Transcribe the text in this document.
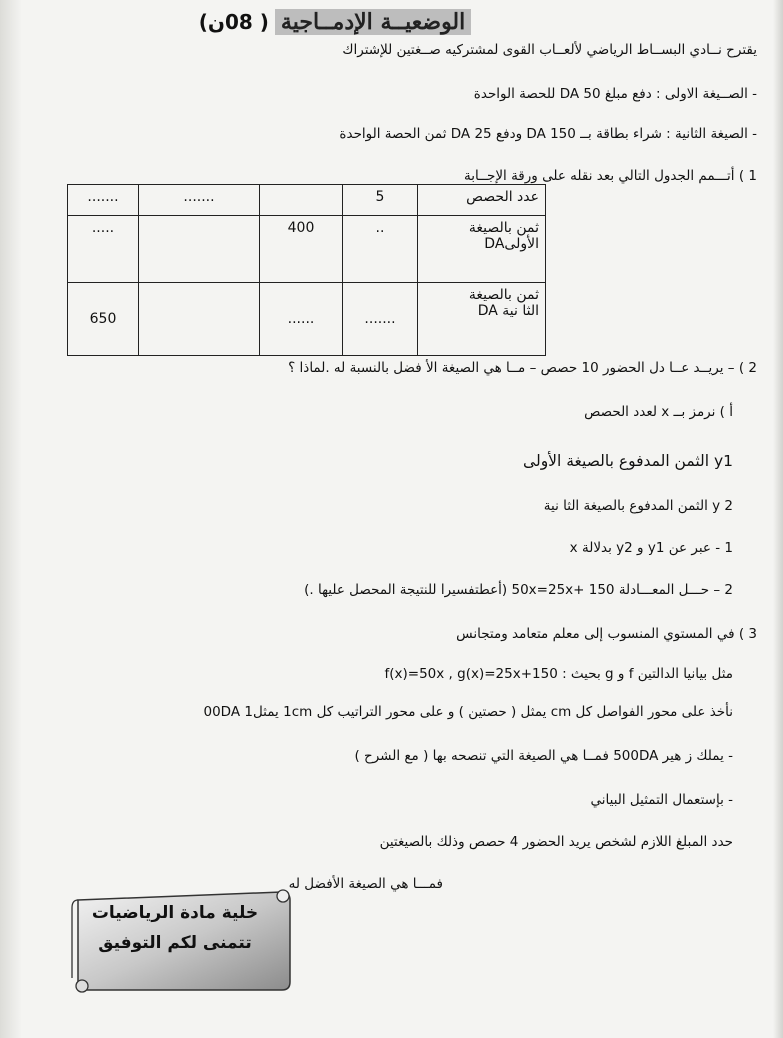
الوضعيــة الإدمــاجية
( 08ن)
يقترح نــادي البســاط الرياضي لألعــاب القوى لمشتركيه صــغتين للإشتراك
- الصــيغة الاولى : دفع مبلغ DA 50 للحصة الواحدة
- الصيغة الثانية : شراء بطاقة بــ DA 150 ودفع DA 25 ثمن الحصة الواحدة
1 ) أتـــمم الجدول التالي بعد نقله على ورقة الإجــابة
عدد الحصص	5		.......	.......

ثمن بالصيغة
الأولىDA	..	400		.....

ثمن بالصيغة
الثا نية DA	.......	......		650
2 ) – يريــد عــا دل الحضور 10 حصص – مــا هي الصيغة الأ فضل بالنسبة له .لماذا ؟
أ ) نرمز بــ x لعدد الحصص
y1 الثمن المدفوع بالصيغة الأولى
y 2 الثمن المدفوع بالصيغة الثا نية
1 - عبر عن y1 و y2 بدلالة x
2 – حـــل المعـــادلة 50x=25x+ 150 (أعطتفسيرا للنتيجة المحصل عليها .)
3 ) في المستوي المنسوب إلى معلم متعامد ومتجانس
مثل بيانيا الدالتين f و g بحيث : f(x)=50x , g(x)=25x+150
نأخذ على محور الفواصل كل cm يمثل ( حصتين ) و على محور التراتيب كل 1cm يمثل1 00DA
- يملك ز هير 500DA فمــا هي الصيغة التي تنصحه بها ( مع الشرح )
- بإستعمال التمثيل البياني
حدد المبلغ اللازم لشخص يريد الحضور 4 حصص وذلك بالصيغتين
فمـــا هي الصيغة الأفضل له
خلية مادة الرياضيات
تتمنى لكم التوفيق
